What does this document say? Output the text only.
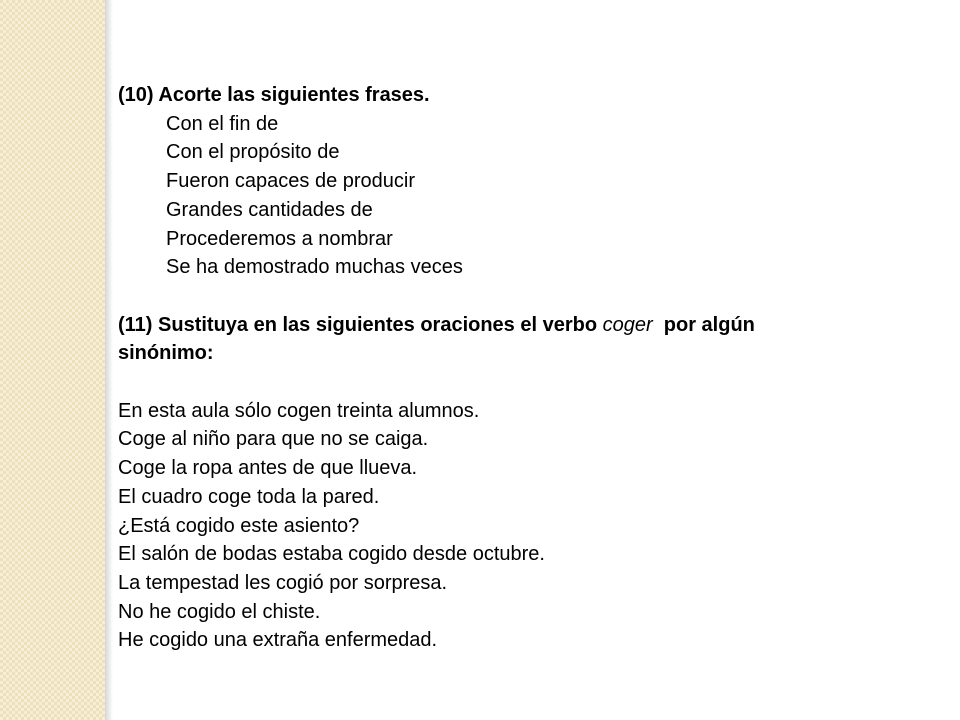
(10) Acorte las siguientes frases.
Con el fin de
Con el propósito de
Fueron capaces de producir
Grandes cantidades de
Procederemos a nombrar
Se ha demostrado muchas veces
(11) Sustituya en las siguientes oraciones el verbo coger por algún
sinónimo:
En esta aula sólo cogen treinta alumnos.
Coge al niño para que no se caiga.
Coge la ropa antes de que llueva.
El cuadro coge toda la pared.
¿Está cogido este asiento?
El salón de bodas estaba cogido desde octubre.
La tempestad les cogió por sorpresa.
No he cogido el chiste.
He cogido una extraña enfermedad.
